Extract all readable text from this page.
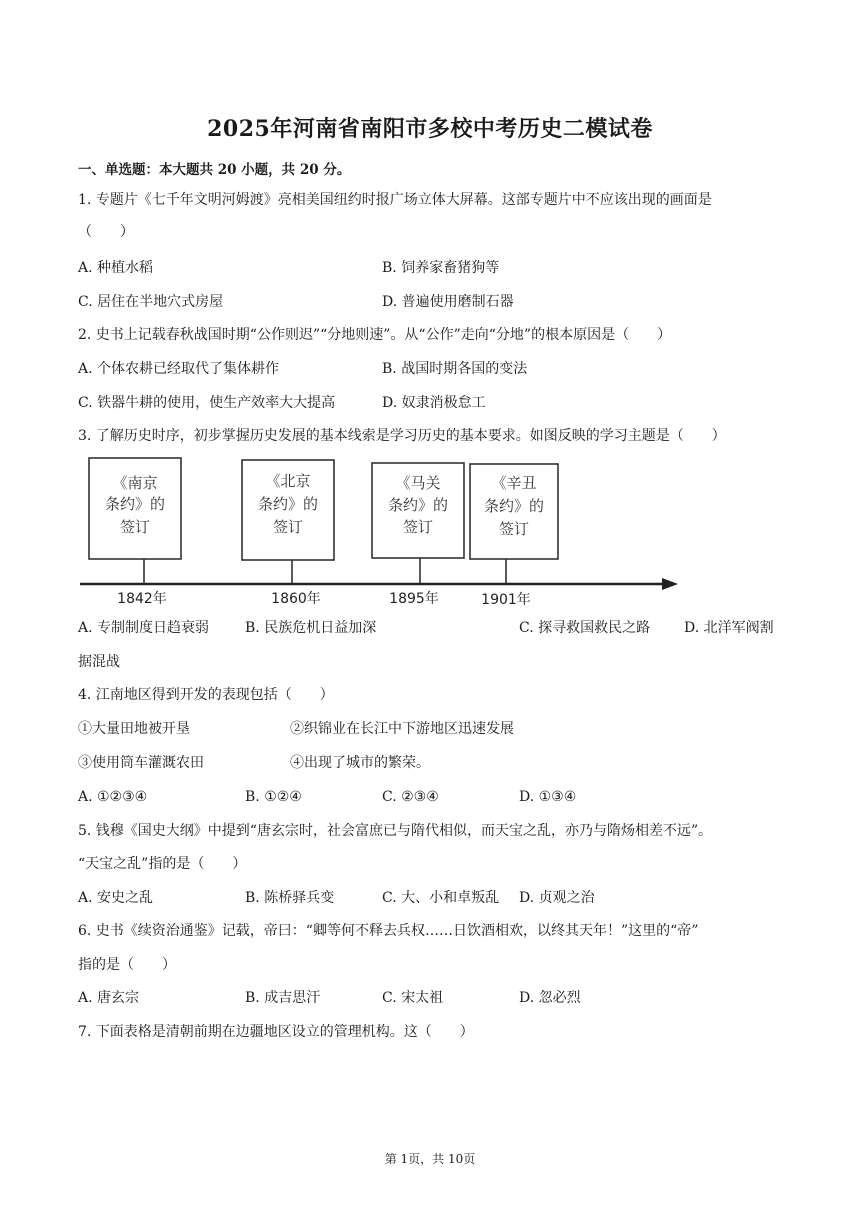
2025年河南省南阳市多校中考历史二模试卷
一、单选题：本大题共 20 小题，共 20 分。
1. 专题片《七千年文明河姆渡》亮相美国纽约时报广场立体大屏幕。这部专题片中不应该出现的画面是
（　　）
A. 种植水稻	B. 饲养家畜猪狗等
C. 居住在半地穴式房屋	D. 普遍使用磨制石器
2. 史书上记载春秋战国时期“公作则迟”“分地则速”。从“公作”走向“分地”的根本原因是（　　）
A. 个体农耕已经取代了集体耕作	B. 战国时期各国的变法
C. 铁器牛耕的使用，使生产效率大大提高	D. 奴隶消极怠工
3. 了解历史时序，初步掌握历史发展的基本线索是学习历史的基本要求。如图反映的学习主题是（　　）
《南京
条约》的
签订
《北京
条约》的
签订
《马关
条约》的
签订
《辛丑
条约》的
签订
1842年	1860年	1895年	1901年
A. 专制制度日趋衰弱	B. 民族危机日益加深	C. 探寻救国救民之路 D. 北洋军阀割
据混战
4. 江南地区得到开发的表现包括（　　）
①大量田地被开垦	②织锦业在长江中下游地区迅速发展
③使用筒车灌溉农田	④出现了城市的繁荣。
A. ①②③④	B. ①②④	C. ②③④	D. ①③④
5. 钱穆《国史大纲》中提到“唐玄宗时，社会富庶已与隋代相似，而天宝之乱，亦乃与隋炀相差不远”。
“天宝之乱”指的是（　　）
A. 安史之乱	B. 陈桥驿兵变	C. 大、小和卓叛乱 D. 贞观之治
6. 史书《续资治通鉴》记载，帝曰：“卿等何不释去兵权……日饮酒相欢，以终其天年！”这里的“帝”
指的是（　　）
A. 唐玄宗	B. 成吉思汗	C. 宋太祖	D. 忽必烈
7. 下面表格是清朝前期在边疆地区设立的管理机构。这（　　）
第 1页，共 10页
